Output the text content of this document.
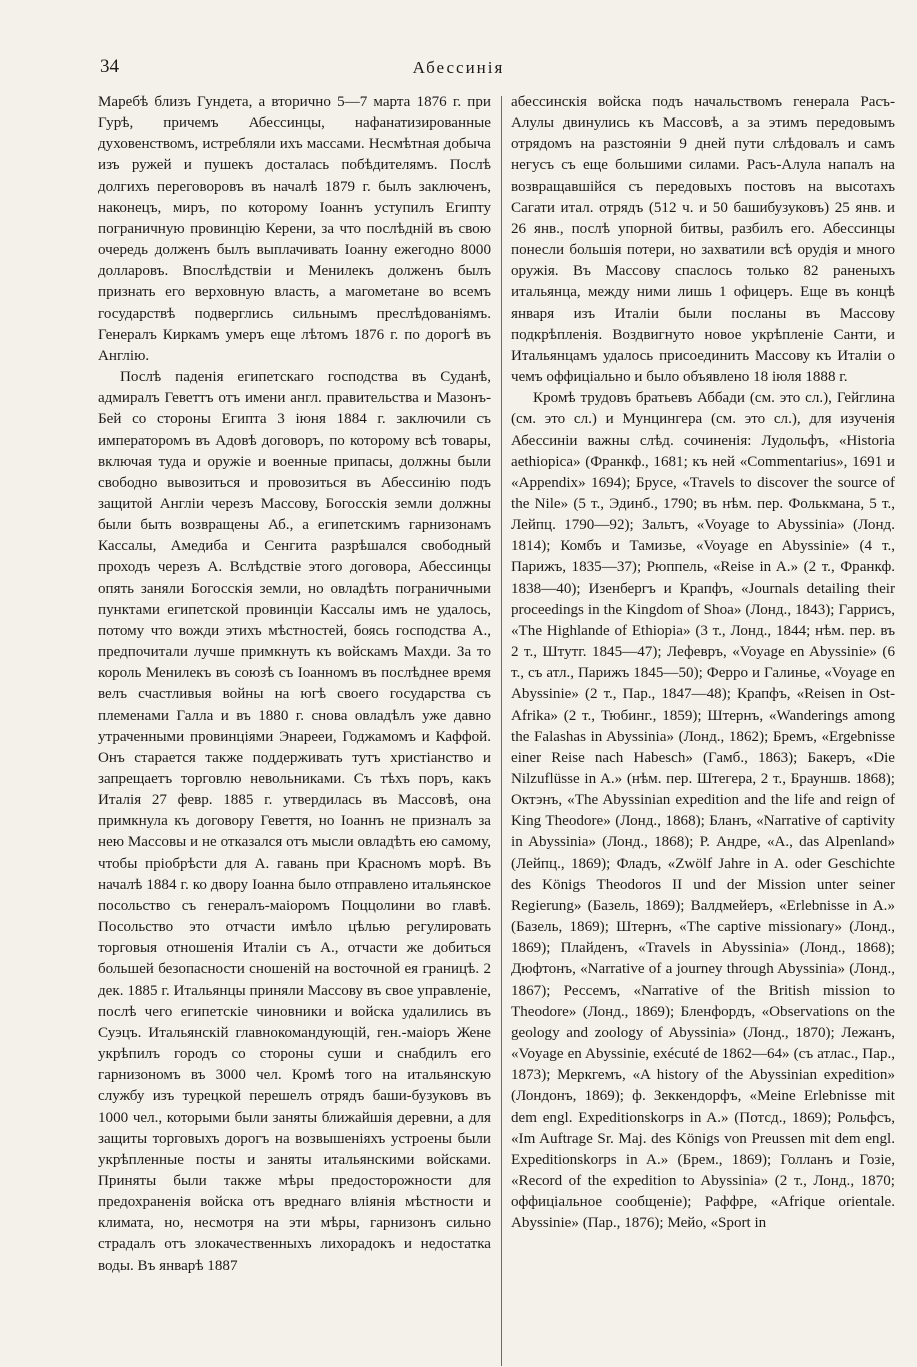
34	Абессинія

Маребѣ близъ Гундета, а вторично 5—7 марта 1876 г. при Гурѣ, причемъ Абессинцы, нафанатизированные духовенствомъ, истребляли ихъ массами. Несмѣтная добыча изъ ружей и пушекъ досталась побѣдителямъ. Послѣ долгихъ переговоровъ въ началѣ 1879 г. былъ заключенъ, наконецъ, миръ, по которому Іоаннъ уступилъ Египту пограничную провинцію Керени, за что послѣдній въ свою очередь долженъ былъ выплачивать Іоанну ежегодно 8000 долларовъ. Впослѣдствіи и Менилекъ долженъ былъ признать его верховную власть, а магометане во всемъ государствѣ подверглись сильнымъ преслѣдованіямъ. Генералъ Киркамъ умеръ еще лѣтомъ 1876 г. по дорогѣ въ Англію.

Послѣ паденія египетскаго господства въ Суданѣ, адмиралъ Геветтъ отъ имени англ. правительства и Мазонъ-Бей со стороны Египта 3 іюня 1884 г. заключили съ императоромъ въ Адовѣ договоръ, по которому всѣ товары, включая туда и оружіе и военные припасы, должны были свободно вывозиться и провозиться въ Абессинію подъ защитой Англіи черезъ Массову, Богосскія земли должны были быть возвращены Аб., а египетскимъ гарнизонамъ Кассалы, Амедиба и Сенгита разрѣшался свободный проходъ черезъ А. Вслѣдствіе этого договора, Абессинцы опять заняли Богосскія земли, но овладѣть пограничными пунктами египетской провинціи Кассалы имъ не удалось, потому что вожди этихъ мѣстностей, боясь господства А., предпочитали лучше примкнуть къ войскамъ Махди. За то король Менилекъ въ союзѣ съ Іоанномъ въ послѣднее время велъ счастливыя войны на югѣ своего государства съ племенами Галла и въ 1880 г. снова овладѣлъ уже давно утраченными провинціями Энарееи, Годжамомъ и Каффой. Онъ старается также поддерживать тутъ христіанство и запрещаетъ торговлю невольниками. Съ тѣхъ поръ, какъ Италія 27 февр. 1885 г. утвердилась въ Массовѣ, она примкнула къ договору Гевеття, но Іоаннъ не призналъ за нею Массовы и не отказался отъ мысли овладѣть ею самому, чтобы пріобрѣсти для А. гавань при Красномъ морѣ. Въ началѣ 1884 г. ко двору Іоанна было отправлено итальянское посольство съ генералъ-маіоромъ Поццолини во главѣ. Посольство это отчасти имѣло цѣлью регулировать торговыя отношенія Италіи съ А., отчасти же добиться большей безопасности сношеній на восточной ея границѣ. 2 дек. 1885 г. Итальянцы приняли Массову въ свое управленіе, послѣ чего египетскіе чиновники и войска удалились въ Суэцъ. Итальянскій главнокомандующій, ген.-маіоръ Жене укрѣпилъ городъ со стороны суши и снабдилъ его гарнизономъ въ 3000 чел. Кромѣ того на итальянскую службу изъ турецкой перешелъ отрядъ баши-бузуковъ въ 1000 чел., которыми были заняты ближайшія деревни, а для защиты торговыхъ дорогъ на возвышеніяхъ устроены были укрѣпленные посты и заняты итальянскими войсками. Приняты были также мѣры предосторожности для предохраненія войска отъ вреднаго вліянія мѣстности и климата, но, несмотря на эти мѣры, гарнизонъ сильно страдалъ отъ злокачественныхъ лихорадокъ и недостатка воды. Въ январѣ 1887

абессинскія войска подъ начальствомъ генерала Расъ-Алулы двинулись къ Массовѣ, а за этимъ передовымъ отрядомъ на разстояніи 9 дней пути слѣдовалъ и самъ негусъ съ еще большими силами. Расъ-Алула напалъ на возвращавшійся съ передовыхъ постовъ на высотахъ Сагати итал. отрядъ (512 ч. и 50 башибузуковъ) 25 янв. и 26 янв., послѣ упорной битвы, разбилъ его. Абессинцы понесли большія потери, но захватили всѣ орудія и много оружія. Въ Массову спаслось только 82 раненыхъ итальянца, между ними лишь 1 офицеръ. Еще въ концѣ января изъ Италіи были посланы въ Массову подкрѣпленія. Воздвигнуто новое укрѣпленіе Санти, и Итальянцамъ удалось присоединить Массову къ Италіи о чемъ оффиціально и было объявлено 18 іюля 1888 г.

Кромѣ трудовъ братьевъ Аббади (см. это сл.), Гейглина (см. это сл.) и Мунцингера (см. это сл.), для изученія Абессиніи важны слѣд. сочиненія: Лудольфъ, «Historia aethiopica» (Франкф., 1681; къ ней «Commentarius», 1691 и «Appendix» 1694); Брусе, «Travels to discover the source of the Nile» (5 т., Эдинб., 1790; въ нѣм. пер. Фолькмана, 5 т., Лейпц. 1790—92); Зальтъ, «Voyage to Abyssinia» (Лонд. 1814); Комбъ и Тамизье, «Voyage en Abyssinie» (4 т., Парижъ, 1835—37); Рюппель, «Reise in A.» (2 т., Франкф. 1838—40); Изенбергъ и Крапфъ, «Journals detailing their proceedings in the Kingdom of Shoa» (Лонд., 1843); Гаррисъ, «The Highlande of Ethiopia» (3 т., Лонд., 1844; нѣм. пер. въ 2 т., Штутг. 1845—47); Лефевръ, «Voyage en Abyssinie» (6 т., съ атл., Парижъ 1845—50); Ферро и Галиньe, «Voyage en Abyssinie» (2 т., Пар., 1847—48); Крапфъ, «Reisen in Ost-Afrika» (2 т., Тюбинг., 1859); Штернъ, «Wanderings among the Falashas in Abyssinia» (Лонд., 1862); Бремъ, «Ergebnisse einer Reise nach Habesch» (Гамб., 1863); Бакеръ, «Die Nilzuflüsse in A.» (нѣм. пер. Штегера, 2 т., Брауншв. 1868); Октэнъ, «The Abyssinian expedition and the life and reign of King Theodore» (Лонд., 1868); Бланъ, «Narrative of captivity in Abyssinia» (Лонд., 1868); Р. Андре, «А., das Alpenland» (Лейпц., 1869); Фладъ, «Zwölf Jahre in A. oder Geschichte des Königs Theodoros II und der Mission unter seiner Regierung» (Базель, 1869); Валдмейеръ, «Erlebnisse in A.» (Базель, 1869); Штернъ, «The captive missionary» (Лонд., 1869); Плайденъ, «Travels in Abyssinia» (Лонд., 1868); Дюфтонъ, «Narrative of a journey through Abyssinia» (Лонд., 1867); Рессемъ, «Narrative of the British mission to Theodore» (Лонд., 1869); Бленфордъ, «Observations on the geology and zoology of Abyssinia» (Лонд., 1870); Лежанъ, «Voyage en Abyssinie, exécuté de 1862—64» (съ атлас., Пар., 1873); Меркгемъ, «A history of the Abyssinian expedition» (Лондонъ, 1869); ф. Зеккендорфъ, «Meine Erlebnisse mit dem engl. Expeditionskorps in A.» (Потсд., 1869); Рольфсъ, «Im Auftrage Sr. Maj. des Königs von Preussen mit dem engl. Expeditionskorps in A.» (Брем., 1869); Голланъ и Гозіе, «Record of the expedition to Abyssinia» (2 т., Лонд., 1870; оффиціальное сообщеніе); Раффре, «Afrique orientale. Abyssinie» (Пар., 1876); Мейо, «Sport in
